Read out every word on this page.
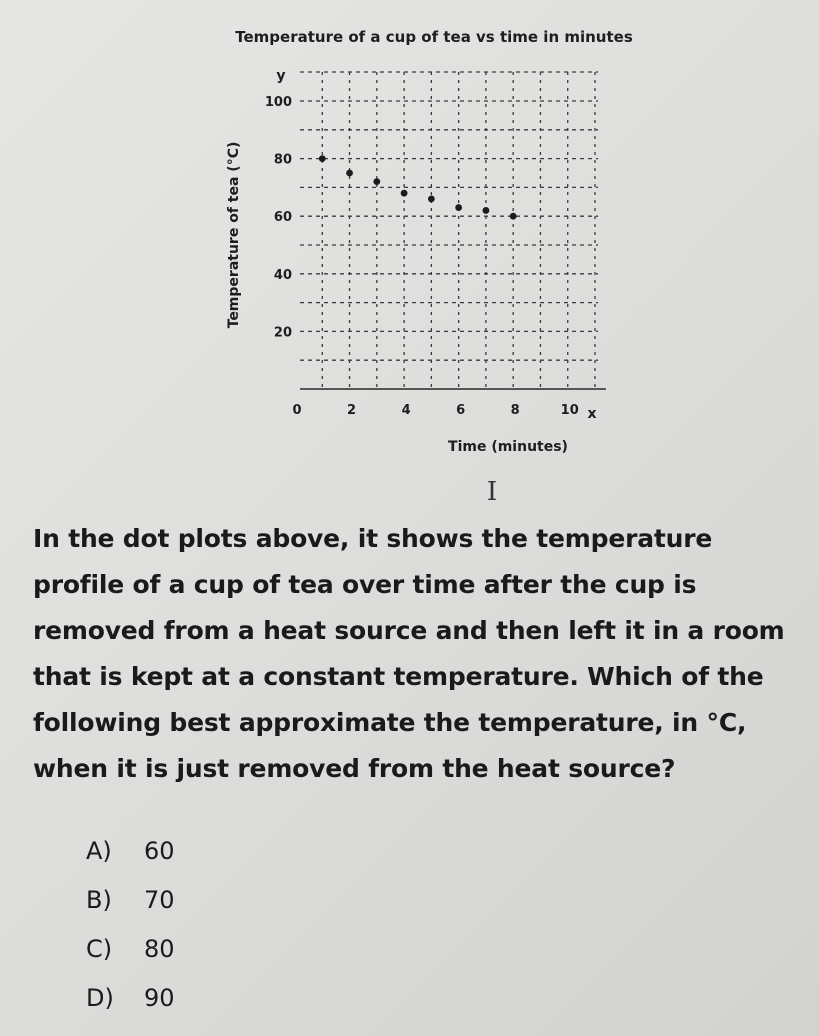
Temperature of a cup of tea vs time in minutes
20
40
60
80
100
0	2	4	6	8	10
y
x
Temperature of tea (°C)
Time (minutes)
I

In the dot plots above, it shows the temperature profile of a cup of tea over time after the cup is removed from a heat source and then left it in a room that is kept at a constant temperature. Which of the following best approximate the temperature, in °C, when it is just removed from the heat source?

A)	60
B)	70
C)	80
D)	90
